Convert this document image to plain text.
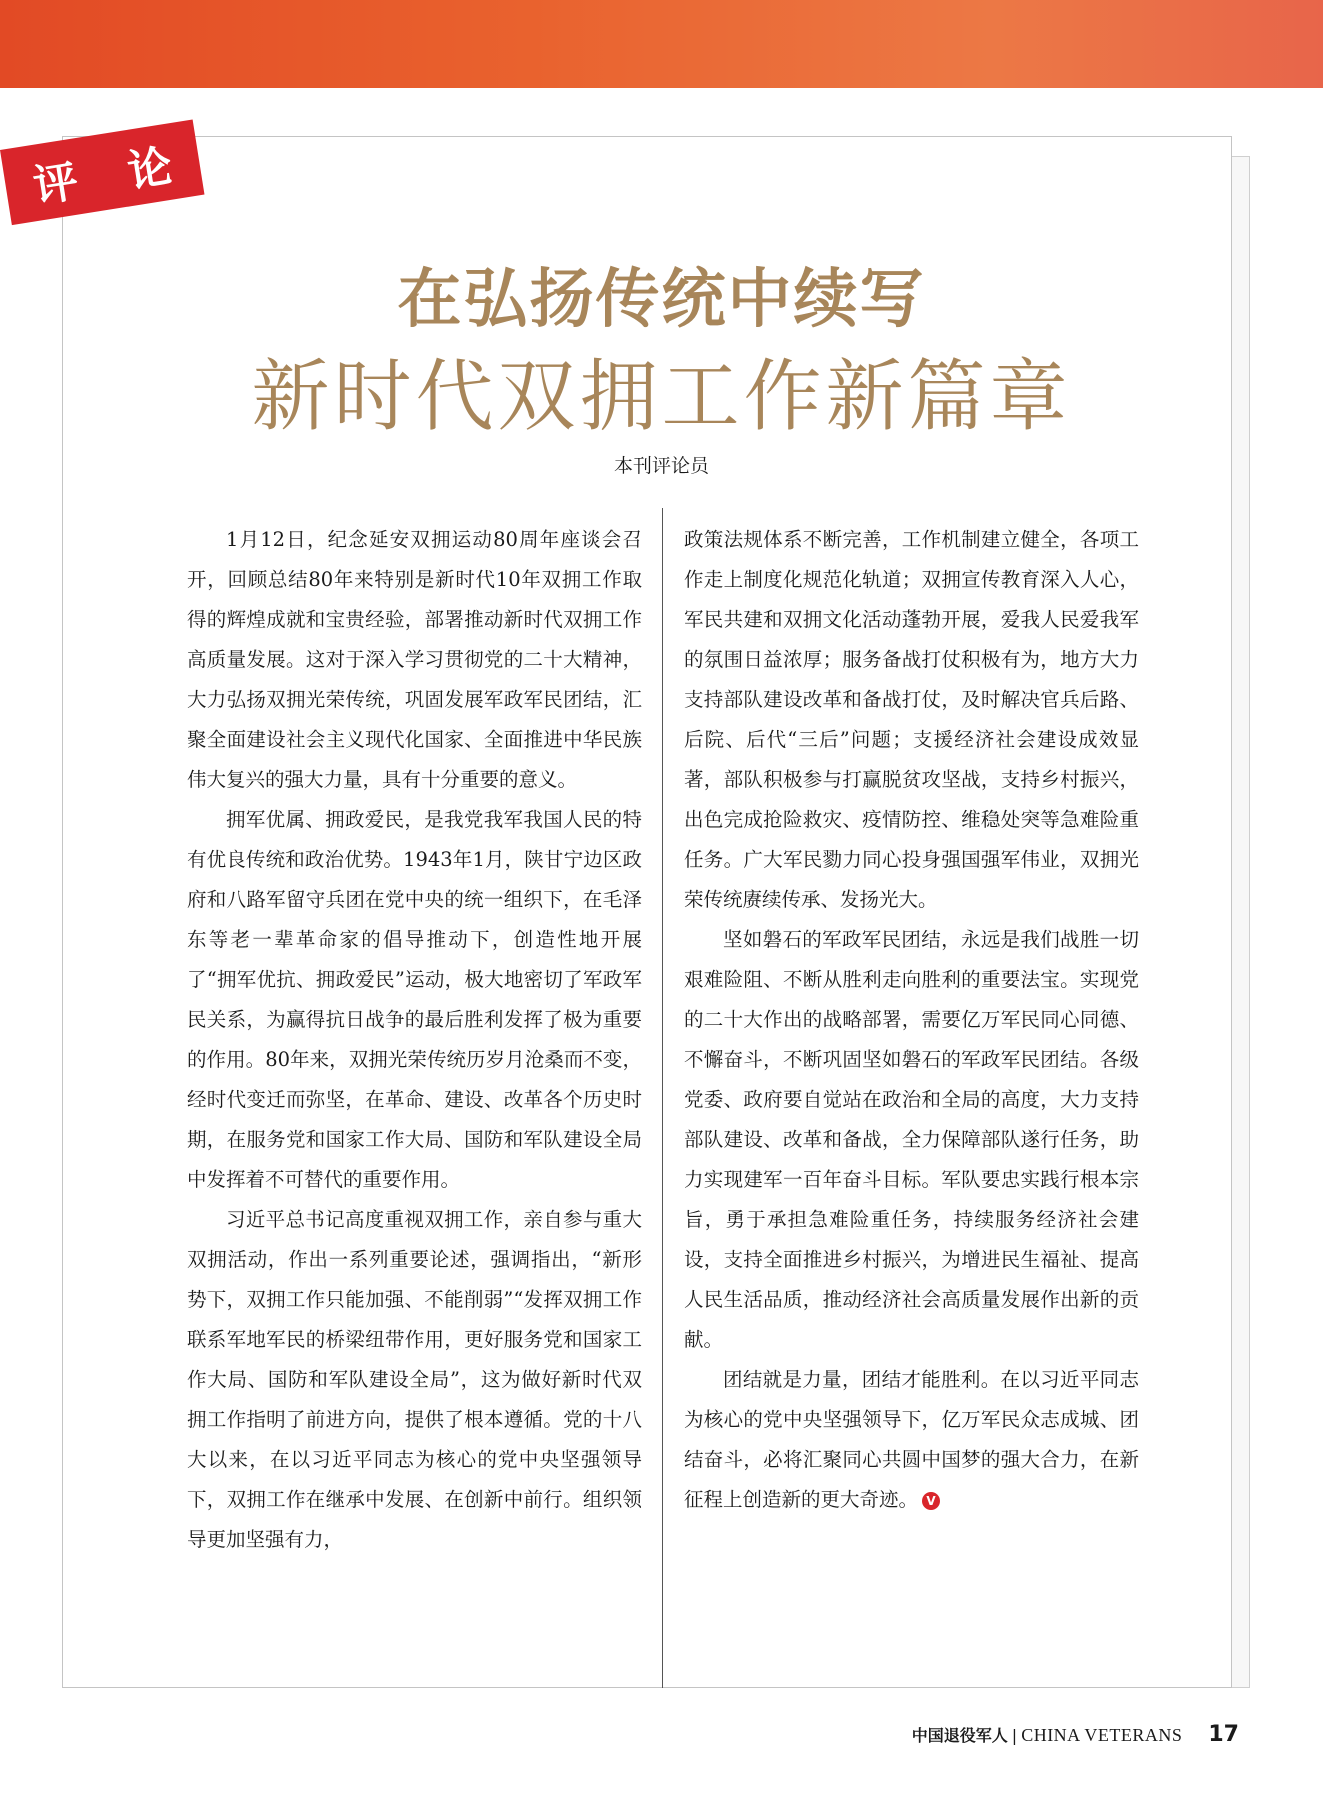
评 论
在弘扬传统中续写
新时代双拥工作新篇章
本刊评论员

1月12日，纪念延安双拥运动80周年座谈会召开，回顾总结80年来特别是新时代10年双拥工作取得的辉煌成就和宝贵经验，部署推动新时代双拥工作高质量发展。这对于深入学习贯彻党的二十大精神，大力弘扬双拥光荣传统，巩固发展军政军民团结，汇聚全面建设社会主义现代化国家、全面推进中华民族伟大复兴的强大力量，具有十分重要的意义。

拥军优属、拥政爱民，是我党我军我国人民的特有优良传统和政治优势。1943年1月，陕甘宁边区政府和八路军留守兵团在党中央的统一组织下，在毛泽东等老一辈革命家的倡导推动下，创造性地开展了“拥军优抗、拥政爱民”运动，极大地密切了军政军民关系，为赢得抗日战争的最后胜利发挥了极为重要的作用。80年来，双拥光荣传统历岁月沧桑而不变，经时代变迁而弥坚，在革命、建设、改革各个历史时期，在服务党和国家工作大局、国防和军队建设全局中发挥着不可替代的重要作用。

习近平总书记高度重视双拥工作，亲自参与重大双拥活动，作出一系列重要论述，强调指出，“新形势下，双拥工作只能加强、不能削弱”“发挥双拥工作联系军地军民的桥梁纽带作用，更好服务党和国家工作大局、国防和军队建设全局”，这为做好新时代双拥工作指明了前进方向，提供了根本遵循。党的十八大以来，在以习近平同志为核心的党中央坚强领导下，双拥工作在继承中发展、在创新中前行。组织领导更加坚强有力，

政策法规体系不断完善，工作机制建立健全，各项工作走上制度化规范化轨道；双拥宣传教育深入人心，军民共建和双拥文化活动蓬勃开展，爱我人民爱我军的氛围日益浓厚；服务备战打仗积极有为，地方大力支持部队建设改革和备战打仗，及时解决官兵后路、后院、后代“三后”问题；支援经济社会建设成效显著，部队积极参与打赢脱贫攻坚战，支持乡村振兴，出色完成抢险救灾、疫情防控、维稳处突等急难险重任务。广大军民勠力同心投身强国强军伟业，双拥光荣传统赓续传承、发扬光大。

坚如磐石的军政军民团结，永远是我们战胜一切艰难险阻、不断从胜利走向胜利的重要法宝。实现党的二十大作出的战略部署，需要亿万军民同心同德、不懈奋斗，不断巩固坚如磐石的军政军民团结。各级党委、政府要自觉站在政治和全局的高度，大力支持部队建设、改革和备战，全力保障部队遂行任务，助力实现建军一百年奋斗目标。军队要忠实践行根本宗旨，勇于承担急难险重任务，持续服务经济社会建设，支持全面推进乡村振兴，为增进民生福祉、提高人民生活品质，推动经济社会高质量发展作出新的贡献。

团结就是力量，团结才能胜利。在以习近平同志为核心的党中央坚强领导下，亿万军民众志成城、团结奋斗，必将汇聚同心共圆中国梦的强大合力，在新征程上创造新的更大奇迹。 V

中国退役军人 | CHINA VETERANS 17
